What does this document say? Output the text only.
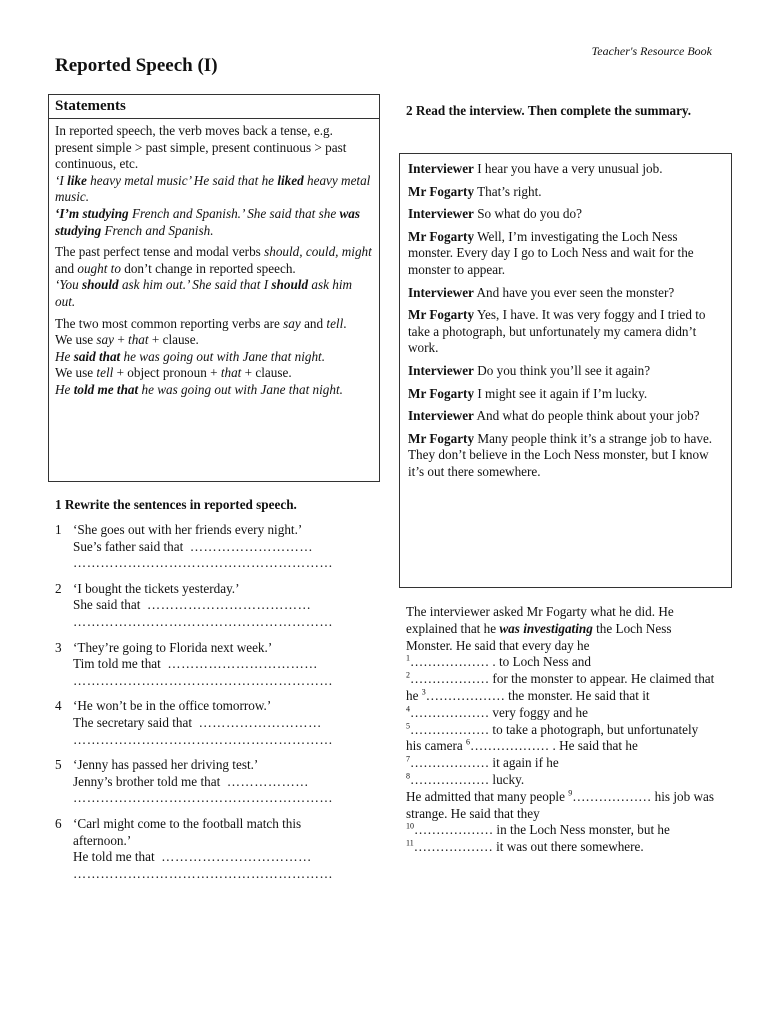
Teacher's Resource Book
Reported Speech (I)
Statements

In reported speech, the verb moves back a tense, e.g. present simple > past simple, present continuous > past continuous, etc.
‘I like heavy metal music’ He said that he liked heavy metal music.
‘I’m studying French and Spanish.’ She said that she was studying French and Spanish.

The past perfect tense and modal verbs should, could, might and ought to don’t change in reported speech.
‘You should ask him out.’ She said that I should ask him out.

The two most common reporting verbs are say and tell.
We use say + that + clause.
He said that he was going out with Jane that night.
We use tell + object pronoun + that + clause.
He told me that he was going out with Jane that night.

1 Rewrite the sentences in reported speech.
1 ‘She goes out with her friends every night.’
Sue’s father said that ………………………
…………………………………………………
2 ‘I bought the tickets yesterday.’
She said that ………………………………
…………………………………………………
3 ‘They’re going to Florida next week.’
Tim told me that ……………………………
…………………………………………………
4 ‘He won’t be in the office tomorrow.’
The secretary said that ………………………
…………………………………………………
5 ‘Jenny has passed her driving test.’
Jenny’s brother told me that ………………
…………………………………………………
6 ‘Carl might come to the football match this afternoon.’
He told me that ……………………………
…………………………………………………
2 Read the interview. Then complete the summary.

Interviewer I hear you have a very unusual job.

Mr Fogarty That’s right.

Interviewer So what do you do?

Mr Fogarty Well, I’m investigating the Loch Ness monster. Every day I go to Loch Ness and wait for the monster to appear.

Interviewer And have you ever seen the monster?

Mr Fogarty Yes, I have. It was very foggy and I tried to take a photograph, but unfortunately my camera didn’t work.

Interviewer Do you think you’ll see it again?

Mr Fogarty I might see it again if I’m lucky.

Interviewer And what do people think about your job?

Mr Fogarty Many people think it’s a strange job to have. They don’t believe in the Loch Ness monster, but I know it’s out there somewhere.

The interviewer asked Mr Fogarty what he did. He explained that he was investigating the Loch Ness Monster. He said that every day he
$^1$……………… . to Loch Ness and
$^2$……………… for the monster to appear. He claimed that he $^3$……………… the monster. He said that it $^4$……………… very foggy and he
$^5$……………… to take a photograph, but unfortunately his camera $^6$……………… . He said that he $^7$……………… it again if he
$^8$……………… lucky.
He admitted that many people $^9$……………… his job was strange. He said that they
$^{10}$……………… in the Loch Ness monster, but he
$^{11}$……………… it was out there somewhere.
